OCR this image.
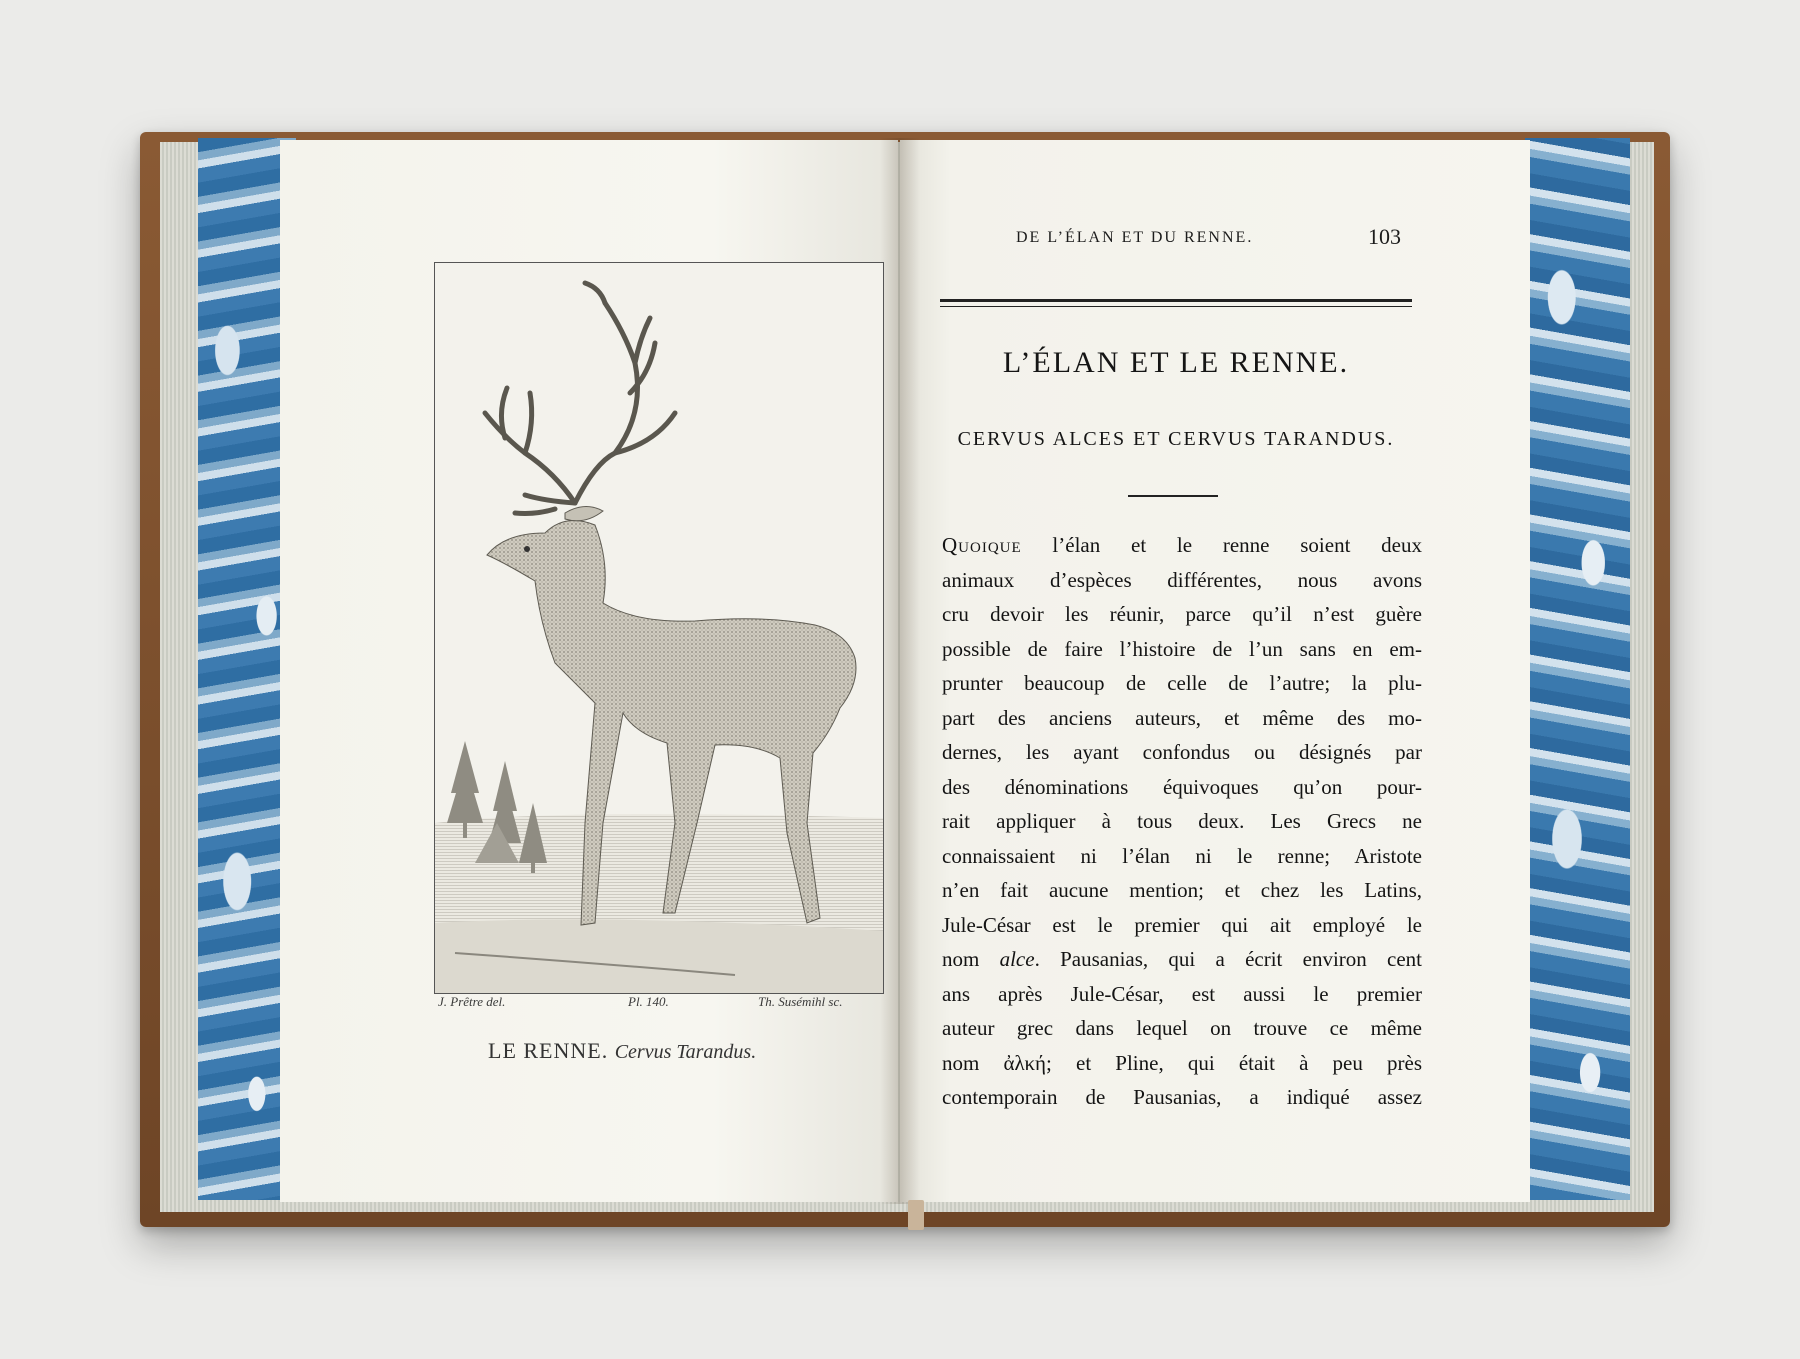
J. Prêtre del.	Pl. 140.	Th. Susémihl sc.
LE RENNE. Cervus Tarandus.
DE L’ÉLAN ET DU RENNE.	103
L’ÉLAN ET LE RENNE.
CERVUS ALCES ET CERVUS TARANDUS.
Quoique l’élan et le renne soient deux
animaux d’espèces différentes, nous avons
cru devoir les réunir, parce qu’il n’est guère
possible de faire l’histoire de l’un sans en em-
prunter beaucoup de celle de l’autre; la plu-
part des anciens auteurs, et même des mo-
dernes, les ayant confondus ou désignés par
des dénominations équivoques qu’on pour-
rait appliquer à tous deux. Les Grecs ne
connaissaient ni l’élan ni le renne; Aristote
n’en fait aucune mention; et chez les Latins,
Jule-César est le premier qui ait employé le
nom alce. Pausanias, qui a écrit environ cent
ans après Jule-César, est aussi le premier
auteur grec dans lequel on trouve ce même
nom ἀλκή; et Pline, qui était à peu près
contemporain de Pausanias, a indiqué assez
